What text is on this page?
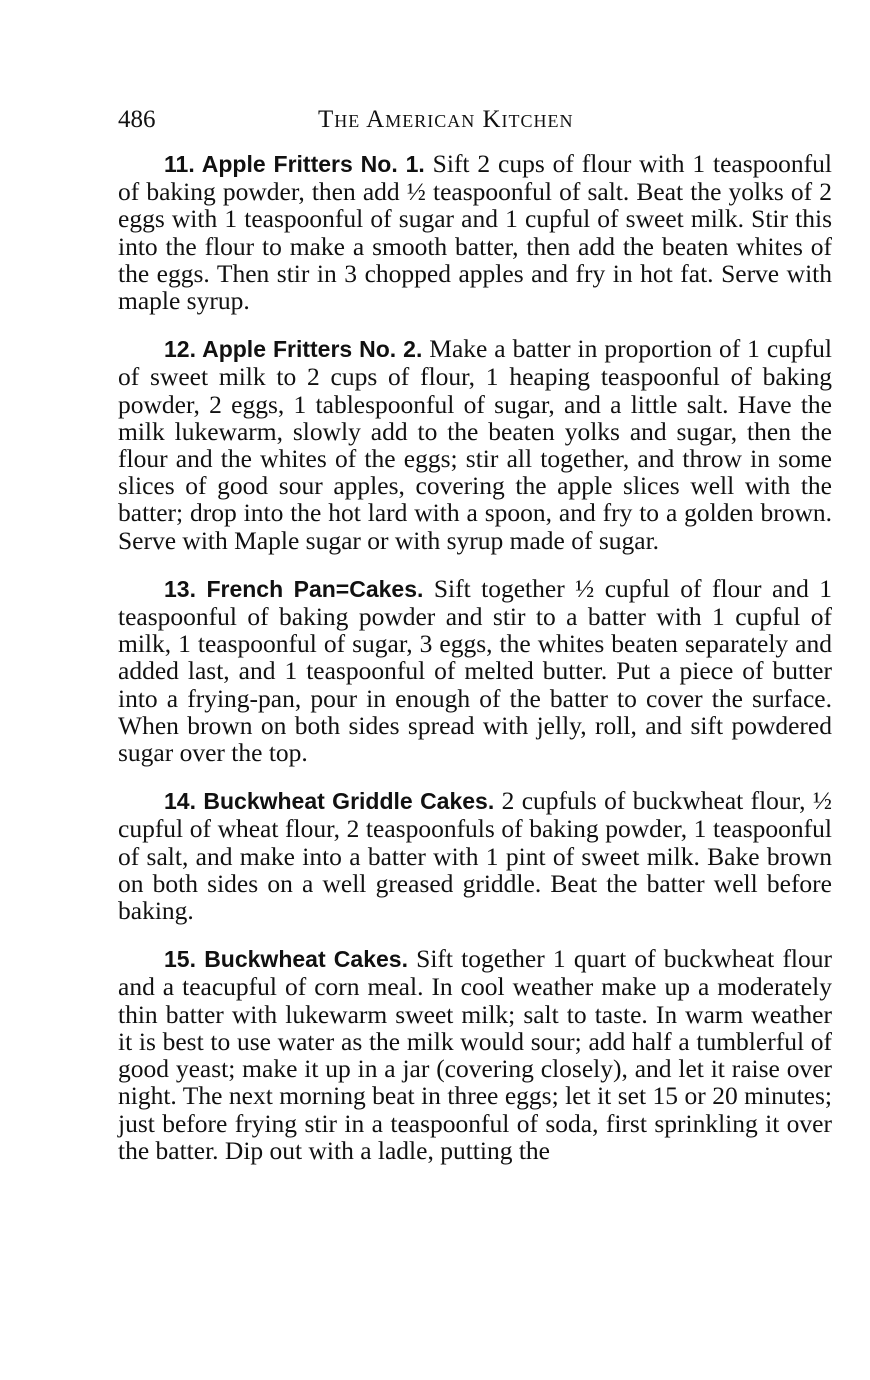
486	The American Kitchen

11. Apple Fritters No. 1. Sift 2 cups of flour with 1 teaspoonful of baking powder, then add ½ teaspoonful of salt. Beat the yolks of 2 eggs with 1 teaspoonful of sugar and 1 cupful of sweet milk. Stir this into the flour to make a smooth batter, then add the beaten whites of the eggs. Then stir in 3 chopped apples and fry in hot fat. Serve with maple syrup.

12. Apple Fritters No. 2. Make a batter in proportion of 1 cupful of sweet milk to 2 cups of flour, 1 heaping teaspoonful of baking powder, 2 eggs, 1 tablespoonful of sugar, and a little salt. Have the milk lukewarm, slowly add to the beaten yolks and sugar, then the flour and the whites of the eggs; stir all together, and throw in some slices of good sour apples, covering the apple slices well with the batter; drop into the hot lard with a spoon, and fry to a golden brown. Serve with Maple sugar or with syrup made of sugar.

13. French Pan=Cakes. Sift together ½ cupful of flour and 1 teaspoonful of baking powder and stir to a batter with 1 cupful of milk, 1 teaspoonful of sugar, 3 eggs, the whites beaten separately and added last, and 1 teaspoonful of melted butter. Put a piece of butter into a frying-pan, pour in enough of the batter to cover the surface. When brown on both sides spread with jelly, roll, and sift powdered sugar over the top.

14. Buckwheat Griddle Cakes. 2 cupfuls of buckwheat flour, ½ cupful of wheat flour, 2 teaspoonfuls of baking powder, 1 teaspoonful of salt, and make into a batter with 1 pint of sweet milk. Bake brown on both sides on a well greased griddle. Beat the batter well before baking.

15. Buckwheat Cakes. Sift together 1 quart of buckwheat flour and a teacupful of corn meal. In cool weather make up a moderately thin batter with lukewarm sweet milk; salt to taste. In warm weather it is best to use water as the milk would sour; add half a tumblerful of good yeast; make it up in a jar (covering closely), and let it raise over night. The next morning beat in three eggs; let it set 15 or 20 minutes; just before frying stir in a teaspoonful of soda, first sprinkling it over the batter. Dip out with a ladle, putting the
